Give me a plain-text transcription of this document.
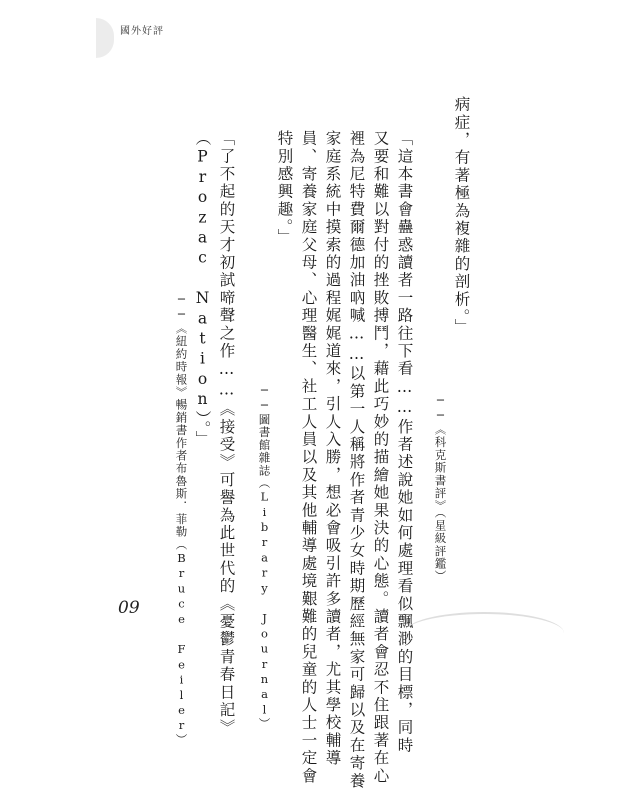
國外好評
病症，有著極為複雜的剖析。」
──《科克斯書評》（星級評鑑）
「這本書會蠱惑讀者一路往下看……作者述說她如何處理看似飄渺的目標，同時
又要和難以對付的挫敗搏鬥，藉此巧妙的描繪她果決的心態。讀者會忍不住跟著在心
裡為尼特費爾德加油吶喊……以第一人稱將作者青少女時期歷經無家可歸以及在寄養
家庭系統中摸索的過程娓娓道來，引人入勝，想必會吸引許多讀者，尤其學校輔導
員、寄養家庭父母、心理醫生、社工人員以及其他輔導處境艱難的兒童的人士一定會
特別感興趣。」
──圖書館雜誌（Library Journal）
「了不起的天才初試啼聲之作……《接受》可譽為此世代的《憂鬱青春日記》
（Prozac Nation）。」
──《紐約時報》暢銷書作者布魯斯．菲勒（Bruce Feiler）
09
